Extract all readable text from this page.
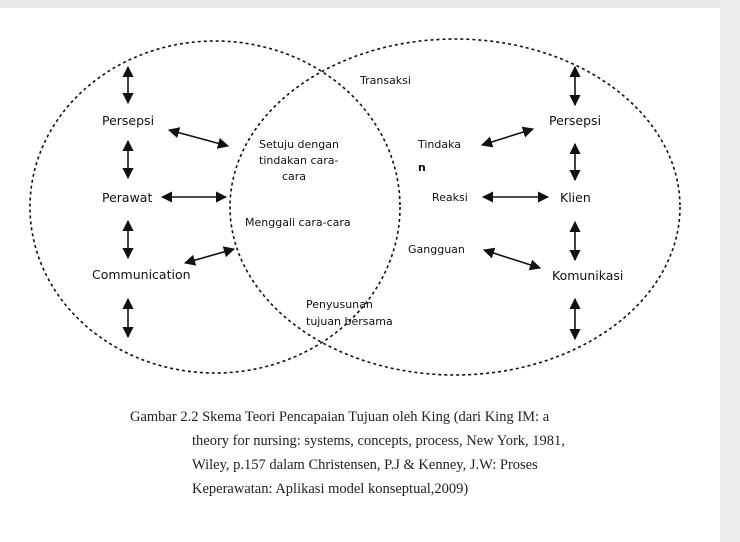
Persepsi
Perawat
Communication
Persepsi
Klien
Komunikasi
Transaksi
Setuju dengan
tindakan cara-
cara
Tindaka
n
Reaksi
Menggali cara-cara
Gangguan
Penyusunan
tujuan bersama

Gambar 2.2 Skema Teori Pencapaian Tujuan oleh King (dari King IM: a

theory for nursing: systems, concepts, process, New York, 1981,

Wiley, p.157 dalam Christensen, P.J & Kenney, J.W: Proses

Keperawatan: Aplikasi model konseptual,2009)
